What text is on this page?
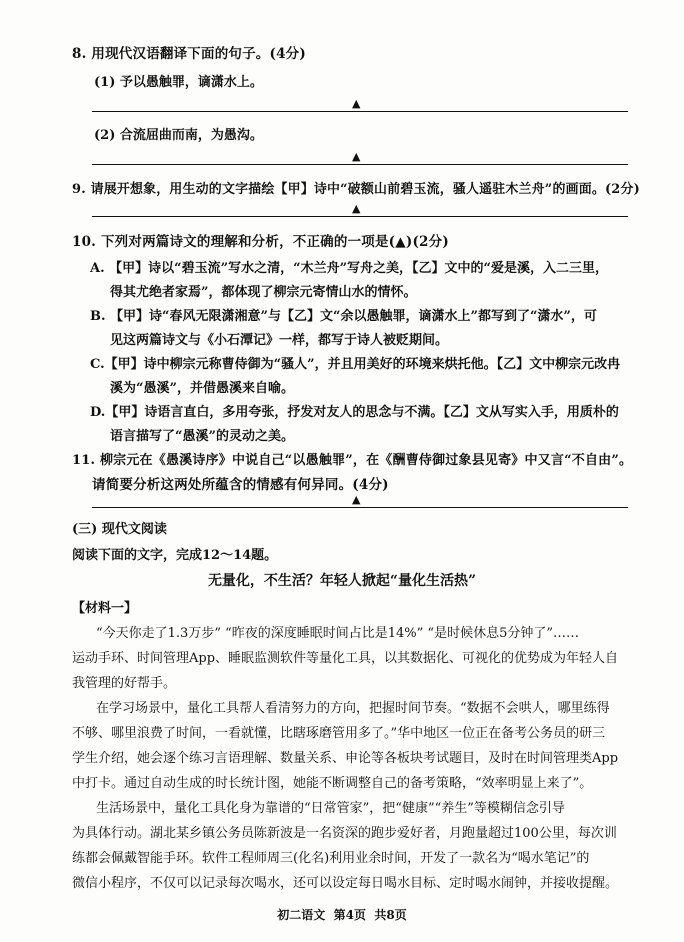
8. 用现代汉语翻译下面的句子。(4分)
(1) 予以愚触罪，谪潇水上。
▲
(2) 合流屈曲而南，为愚沟。
▲
9. 请展开想象，用生动的文字描绘【甲】诗中“破额山前碧玉流，骚人遥驻木兰舟”的画面。(2分)
▲
10. 下列对两篇诗文的理解和分析，不正确的一项是(▲)(2分)
A. 【甲】诗以“碧玉流”写水之清，“木兰舟”写舟之美，【乙】文中的“爱是溪，入二三里，
得其尤绝者家焉”，都体现了柳宗元寄情山水的情怀。
B. 【甲】诗“春风无限潇湘意”与【乙】文“余以愚触罪，谪潇水上”都写到了“潇水”，可
见这两篇诗文与《小石潭记》一样，都写于诗人被贬期间。
C.【甲】诗中柳宗元称曹侍御为“骚人”，并且用美好的环境来烘托他。【乙】文中柳宗元改冉
溪为“愚溪”，并借愚溪来自喻。
D.【甲】诗语言直白，多用夸张，抒发对友人的思念与不满。【乙】文从写实入手，用质朴的
语言描写了“愚溪”的灵动之美。
11. 柳宗元在《愚溪诗序》中说自己“以愚触罪”，在《酬曹侍御过象县见寄》中又言“不自由”。
请简要分析这两处所蕴含的情感有何异同。(4分)
▲
(三) 现代文阅读
阅读下面的文字，完成12～14题。
无量化，不生活？年轻人掀起“量化生活热”
【材料一】
“今天你走了1.3万步” “昨夜的深度睡眠时间占比是14%” “是时候休息5分钟了”……
运动手环、时间管理App、睡眠监测软件等量化工具，以其数据化、可视化的优势成为年轻人自
我管理的好帮手。
在学习场景中，量化工具帮人看清努力的方向，把握时间节奏。“数据不会哄人，哪里练得
不够、哪里浪费了时间，一看就懂，比瞎琢磨管用多了。”华中地区一位正在备考公务员的研三
学生介绍，她会逐个练习言语理解、数量关系、申论等各板块考试题目，及时在时间管理类App
中打卡。通过自动生成的时长统计图，她能不断调整自己的备考策略，“效率明显上来了”。
生活场景中，量化工具化身为靠谱的“日常管家”，把“健康”“养生”等模糊信念引导
为具体行动。湖北某乡镇公务员陈新波是一名资深的跑步爱好者，月跑量超过100公里，每次训
练都会佩戴智能手环。软件工程师周三(化名)利用业余时间，开发了一款名为“喝水笔记”的
微信小程序，不仅可以记录每次喝水，还可以设定每日喝水目标、定时喝水闹钟，并接收提醒。
初二语文  第4页  共8页
